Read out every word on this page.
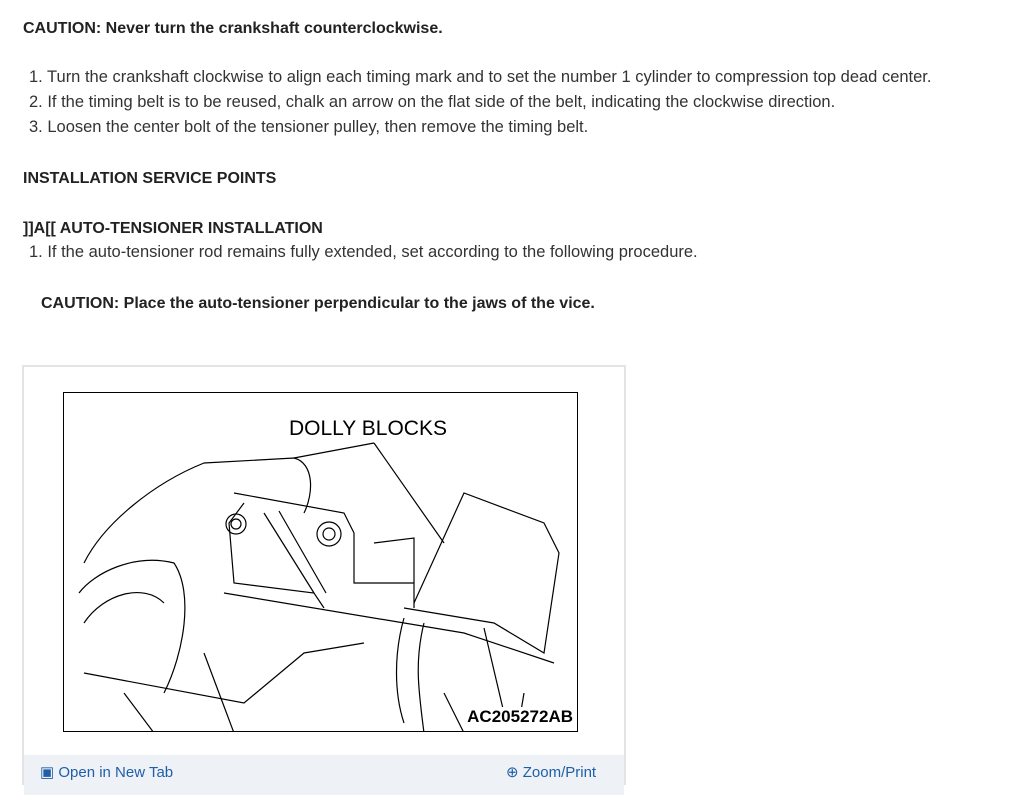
CAUTION: Never turn the crankshaft counterclockwise.
1. Turn the crankshaft clockwise to align each timing mark and to set the number 1 cylinder to compression top dead center.
2. If the timing belt is to be reused, chalk an arrow on the flat side of the belt, indicating the clockwise direction.
3. Loosen the center bolt of the tensioner pulley, then remove the timing belt.
INSTALLATION SERVICE POINTS
]]A[[ AUTO-TENSIONER INSTALLATION
1. If the auto-tensioner rod remains fully extended, set according to the following procedure.
CAUTION: Place the auto-tensioner perpendicular to the jaws of the vice.
DOLLY BLOCKS
AC205272AB
▣ Open in New Tab	⊕ Zoom/Print
